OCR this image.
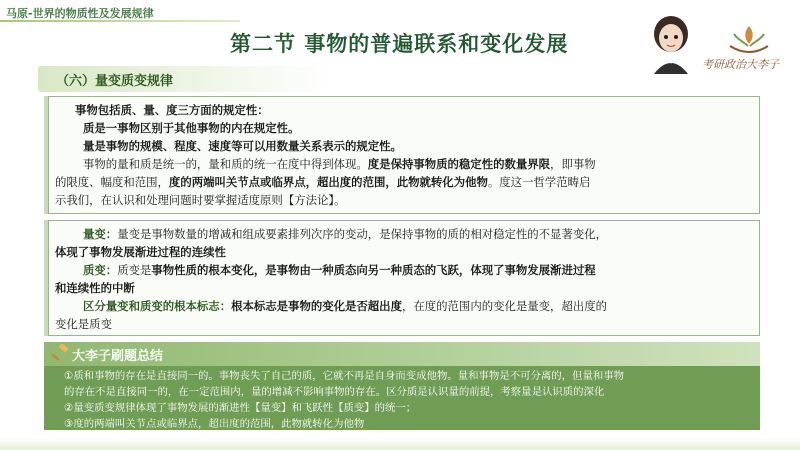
马原-世界的物质性及发展规律
第二节 事物的普遍联系和变化发展
考研政治大李子
（六）量变质变规律

事物包括质、量、度三方面的规定性：

质是一事物区别于其他事物的内在规定性。

量是事物的规模、程度、速度等可以用数量关系表示的规定性。

事物的量和质是统一的，量和质的统一在度中得到体现。度是保持事物质的稳定性的数量界限，即事物

的限度、幅度和范围，度的两端叫关节点或临界点，超出度的范围，此物就转化为他物。度这一哲学范畴启

示我们，在认识和处理问题时要掌握适度原则【方法论】。

量变：量变是事物数量的增减和组成要素排列次序的变动，是保持事物的质的相对稳定性的不显著变化，

体现了事物发展渐进过程的连续性

质变：质变是事物性质的根本变化，是事物由一种质态向另一种质态的飞跃，体现了事物发展渐进过程

和连续性的中断

区分量变和质变的根本标志：根本标志是事物的变化是否超出度，在度的范围内的变化是量变，超出度的

变化是质变

大李子刷题总结

①质和事物的存在是直接同一的。事物丧失了自己的质，它就不再是自身而变成他物。量和事物是不可分离的，但量和事物

的存在不是直接同一的，在一定范围内，量的增减不影响事物的存在。区分质是认识量的前提，考察量是认识质的深化

②量变质变规律体现了事物发展的渐进性【量变】和飞跃性【质变】的统一；

③度的两端叫关节点或临界点，超出度的范围，此物就转化为他物
